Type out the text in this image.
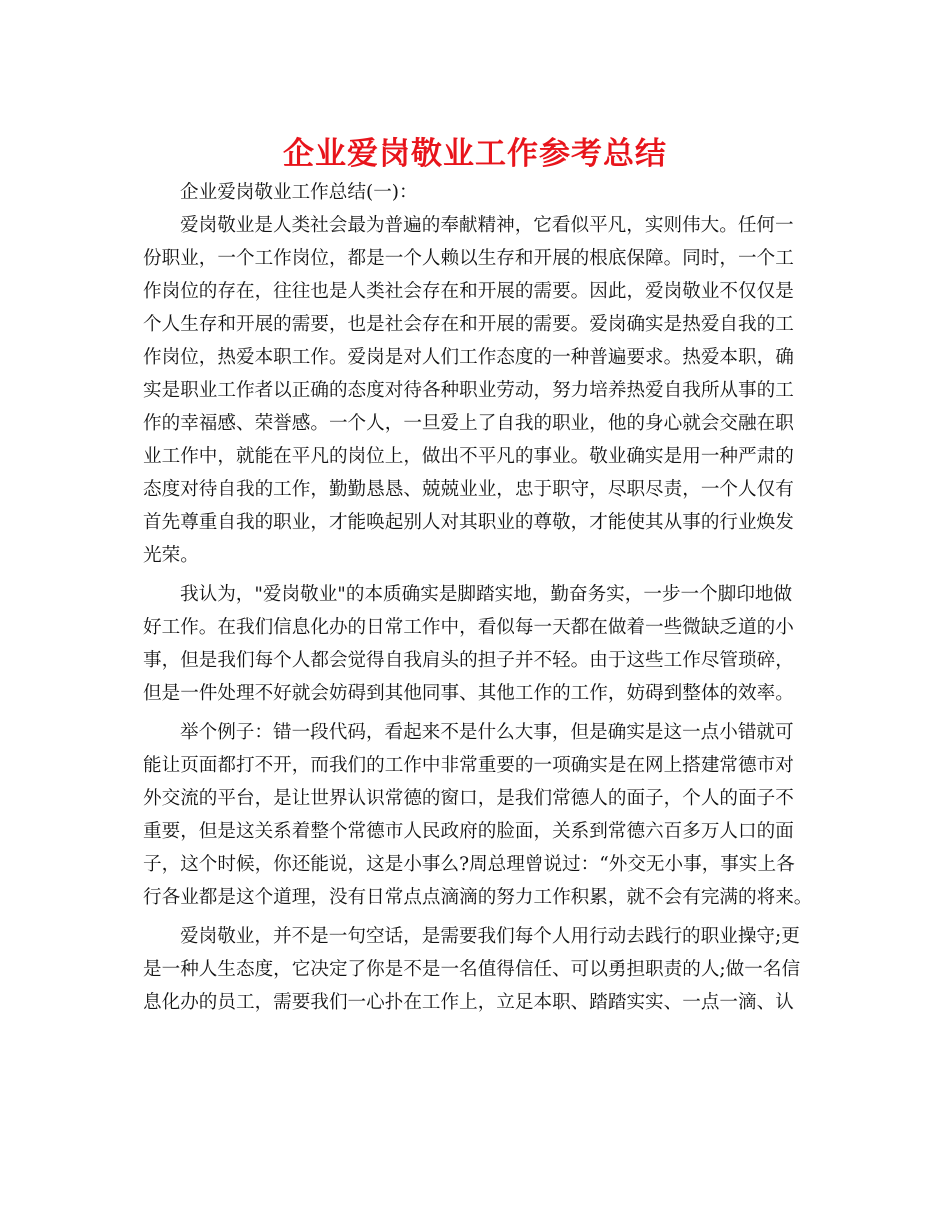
企业爱岗敬业工作参考总结
企业爱岗敬业工作总结(一)：
爱岗敬业是人类社会最为普遍的奉献精神，它看似平凡，实则伟大。任何一
份职业，一个工作岗位，都是一个人赖以生存和开展的根底保障。同时，一个工
作岗位的存在，往往也是人类社会存在和开展的需要。因此，爱岗敬业不仅仅是
个人生存和开展的需要，也是社会存在和开展的需要。爱岗确实是热爱自我的工
作岗位，热爱本职工作。爱岗是对人们工作态度的一种普遍要求。热爱本职，确
实是职业工作者以正确的态度对待各种职业劳动，努力培养热爱自我所从事的工
作的幸福感、荣誉感。一个人，一旦爱上了自我的职业，他的身心就会交融在职
业工作中，就能在平凡的岗位上，做出不平凡的事业。敬业确实是用一种严肃的
态度对待自我的工作，勤勤恳恳、兢兢业业，忠于职守，尽职尽责，一个人仅有
首先尊重自我的职业，才能唤起别人对其职业的尊敬，才能使其从事的行业焕发
光荣。
我认为，"爱岗敬业"的本质确实是脚踏实地，勤奋务实，一步一个脚印地做
好工作。在我们信息化办的日常工作中，看似每一天都在做着一些微缺乏道的小
事，但是我们每个人都会觉得自我肩头的担子并不轻。由于这些工作尽管琐碎，
但是一件处理不好就会妨碍到其他同事、其他工作的工作，妨碍到整体的效率。
举个例子：错一段代码，看起来不是什么大事，但是确实是这一点小错就可
能让页面都打不开，而我们的工作中非常重要的一项确实是在网上搭建常德市对
外交流的平台，是让世界认识常德的窗口，是我们常德人的面子，个人的面子不
重要，但是这关系着整个常德市人民政府的脸面，关系到常德六百多万人口的面
子，这个时候，你还能说，这是小事么?周总理曾说过：“外交无小事，事实上各
行各业都是这个道理，没有日常点点滴滴的努力工作积累，就不会有完满的将来。
爱岗敬业，并不是一句空话，是需要我们每个人用行动去践行的职业操守;更
是一种人生态度，它决定了你是不是一名值得信任、可以勇担职责的人;做一名信
息化办的员工，需要我们一心扑在工作上，立足本职、踏踏实实、一点一滴、认
